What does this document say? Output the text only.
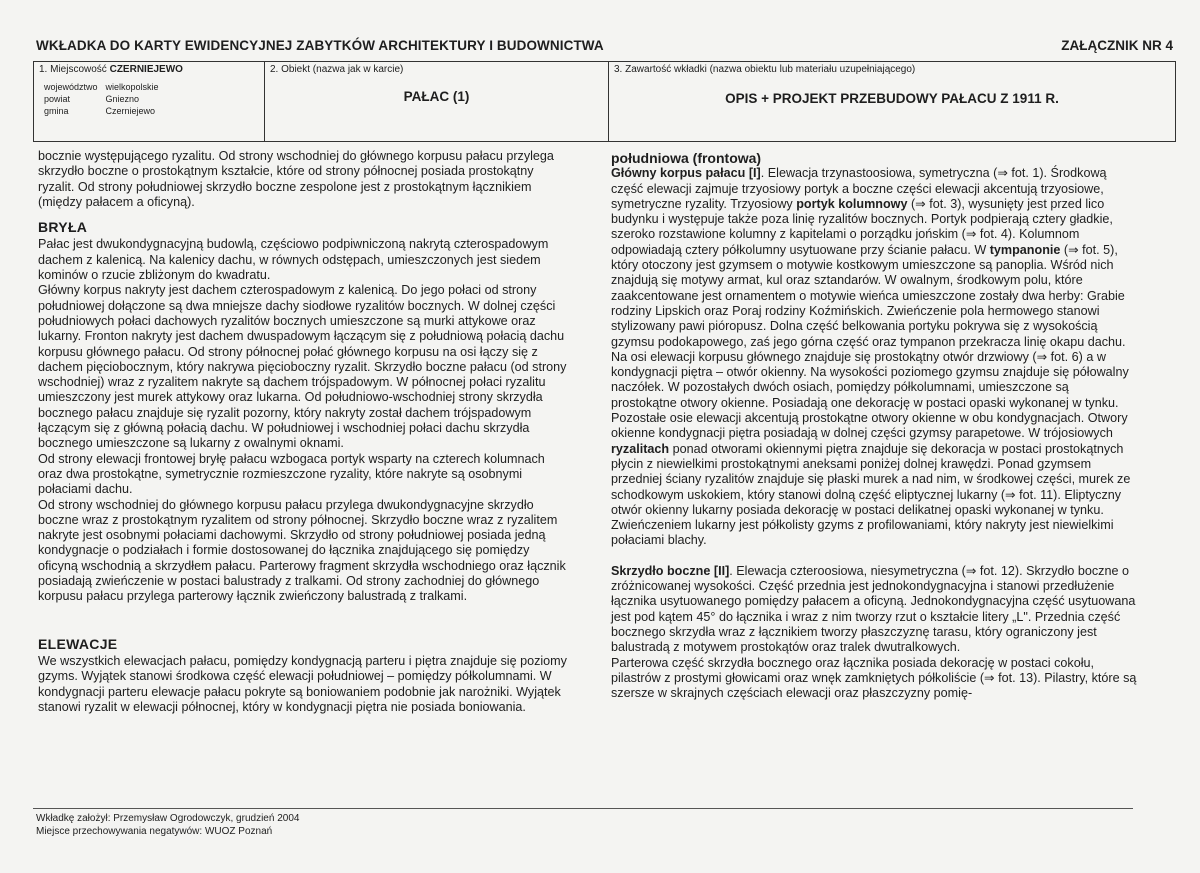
WKŁADKA DO KARTY EWIDENCYJNEJ ZABYTKÓW ARCHITEKTURY I BUDOWNICTWA	ZAŁĄCZNIK NR 4
1. Miejscowość CZERNIEJEWO
województwo	wielkopolskie
powiat	Gniezno
gmina	Czerniejewo
2. Obiekt (nazwa jak w karcie)
PAŁAC (1)
3. Zawartość wkładki (nazwa obiektu lub materiału uzupełniającego)
OPIS + PROJEKT PRZEBUDOWY PAŁACU Z 1911 R.

bocznie występującego ryzalitu. Od strony wschodniej do głównego korpusu pałacu przylega skrzydło boczne o prostokątnym kształcie, które od strony północnej posiada prostokątny ryzalit. Od strony południowej skrzydło boczne zespolone jest z prostokątnym łącznikiem (między pałacem a oficyną).

BRYŁA

Pałac jest dwukondygnacyjną budowlą, częściowo podpiwniczoną nakrytą czterospadowym dachem z kalenicą. Na kalenicy dachu, w równych odstępach, umieszczonych jest siedem kominów o rzucie zbliżonym do kwadratu.

Główny korpus nakryty jest dachem czterospadowym z kalenicą. Do jego połaci od strony południowej dołączone są dwa mniejsze dachy siodłowe ryzalitów bocznych. W dolnej części południowych połaci dachowych ryzalitów bocznych umieszczone są murki attykowe oraz lukarny. Fronton nakryty jest dachem dwuspadowym łączącym się z południową połacią dachu korpusu głównego pałacu. Od strony północnej połać głównego korpusu na osi łączy się z dachem pięciobocznym, który nakrywa pięcioboczny ryzalit. Skrzydło boczne pałacu (od strony wschodniej) wraz z ryzalitem nakryte są dachem trójspadowym. W północnej połaci ryzalitu umieszczony jest murek attykowy oraz lukarna. Od południowo-wschodniej strony skrzydła bocznego pałacu znajduje się ryzalit pozorny, który nakryty został dachem trójspadowym łączącym się z główną połacią dachu. W południowej i wschodniej połaci dachu skrzydła bocznego umieszczone są lukarny z owalnymi oknami.

Od strony elewacji frontowej bryłę pałacu wzbogaca portyk wsparty na czterech kolumnach oraz dwa prostokątne, symetrycznie rozmieszczone ryzality, które nakryte są osobnymi połaciami dachu.

Od strony wschodniej do głównego korpusu pałacu przylega dwukondygnacyjne skrzydło boczne wraz z prostokątnym ryzalitem od strony północnej. Skrzydło boczne wraz z ryzalitem nakryte jest osobnymi połaciami dachowymi. Skrzydło od strony południowej posiada jedną kondygnacje o podziałach i formie dostosowanej do łącznika znajdującego się pomiędzy oficyną wschodnią a skrzydłem pałacu. Parterowy fragment skrzydła wschodniego oraz łącznik posiadają zwieńczenie w postaci balustrady z tralkami. Od strony zachodniej do głównego korpusu pałacu przylega parterowy łącznik zwieńczony balustradą z tralkami.

ELEWACJE

We wszystkich elewacjach pałacu, pomiędzy kondygnacją parteru i piętra znajduje się poziomy gzyms. Wyjątek stanowi środkowa część elewacji południowej – pomiędzy półkolumnami. W kondygnacji parteru elewacje pałacu pokryte są boniowaniem podobnie jak narożniki. Wyjątek stanowi ryzalit w elewacji północnej, który w kondygnacji piętra nie posiada boniowania.

południowa (frontowa)

Główny korpus pałacu [I]. Elewacja trzynastoosiowa, symetryczna (⇒ fot. 1). Środkową część elewacji zajmuje trzyosiowy portyk a boczne części elewacji akcentują trzyosiowe, symetryczne ryzality. Trzyosiowy portyk kolumnowy (⇒ fot. 3), wysunięty jest przed lico budynku i występuje także poza linię ryzalitów bocznych. Portyk podpierają cztery gładkie, szeroko rozstawione kolumny z kapitelami o porządku jońskim (⇒ fot. 4). Kolumnom odpowiadają cztery półkolumny usytuowane przy ścianie pałacu. W tympanonie (⇒ fot. 5), który otoczony jest gzymsem o motywie kostkowym umieszczone są panoplia. Wśród nich znajdują się motywy armat, kul oraz sztandarów. W owalnym, środkowym polu, które zaakcentowane jest ornamentem o motywie wieńca umieszczone zostały dwa herby: Grabie rodziny Lipskich oraz Poraj rodziny Koźmińskich. Zwieńczenie pola hermowego stanowi stylizowany pawi pióropusz. Dolna część belkowania portyku pokrywa się z wysokością gzymsu podokapowego, zaś jego górna część oraz tympanon przekracza linię okapu dachu. Na osi elewacji korpusu głównego znajduje się prostokątny otwór drzwiowy (⇒ fot. 6) a w kondygnacji piętra – otwór okienny. Na wysokości poziomego gzymsu znajduje się półowalny naczółek. W pozostałych dwóch osiach, pomiędzy półkolumnami, umieszczone są prostokątne otwory okienne. Posiadają one dekorację w postaci opaski wykonanej w tynku.

Pozostałe osie elewacji akcentują prostokątne otwory okienne w obu kondygnacjach. Otwory okienne kondygnacji piętra posiadają w dolnej części gzymsy parapetowe. W trójosiowych ryzalitach ponad otworami okiennymi piętra znajduje się dekoracja w postaci prostokątnych płycin z niewielkimi prostokątnymi aneksami poniżej dolnej krawędzi. Ponad gzymsem przedniej ściany ryzalitów znajduje się płaski murek a nad nim, w środkowej części, murek ze schodkowym uskokiem, który stanowi dolną część eliptycznej lukarny (⇒ fot. 11). Eliptyczny otwór okienny lukarny posiada dekorację w postaci delikatnej opaski wykonanej w tynku. Zwieńczeniem lukarny jest półkolisty gzyms z profilowaniami, który nakryty jest niewielkimi połaciami blachy.

Skrzydło boczne [II]. Elewacja czteroosiowa, niesymetryczna (⇒ fot. 12). Skrzydło boczne o zróżnicowanej wysokości. Część przednia jest jednokondygnacyjna i stanowi przedłużenie łącznika usytuowanego pomiędzy pałacem a oficyną. Jednokondygnacyjna część usytuowana jest pod kątem 45° do łącznika i wraz z nim tworzy rzut o kształcie litery „L". Przednia część bocznego skrzydła wraz z łącznikiem tworzy płaszczyznę tarasu, który ograniczony jest balustradą z motywem prostokątów oraz tralek dwutralkowych.

Parterowa część skrzydła bocznego oraz łącznika posiada dekorację w postaci cokołu, pilastrów z prostymi głowicami oraz wnęk zamkniętych półkoliście (⇒ fot. 13). Pilastry, które są szersze w skrajnych częściach elewacji oraz płaszczyzny pomię-

Wkładkę założył: Przemysław Ogrodowczyk, grudzień 2004
Miejsce przechowywania negatywów: WUOZ Poznań
